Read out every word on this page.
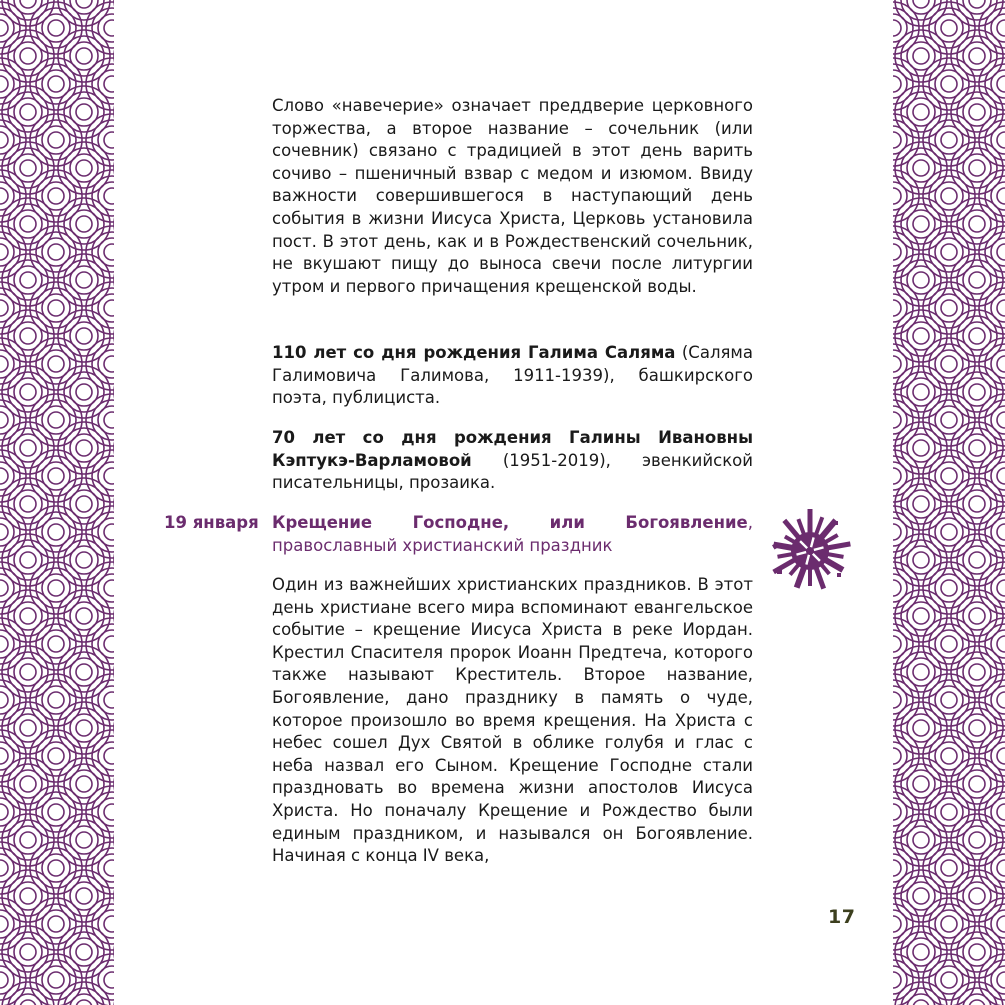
Слово «навечерие» означает преддверие церковного торжества, а второе название – сочельник (или сочевник) связано с традицией в этот день варить сочиво – пшеничный взвар с медом и изюмом. Ввиду важности совершившегося в наступающий день события в жизни Иисуса Христа, Церковь установила пост. В этот день, как и в Рождественский сочельник, не вкушают пищу до выноса свечи после литургии утром и первого причащения крещенской воды.

110 лет со дня рождения Галима Саляма (Саляма Галимовича Галимова, 1911-1939), башкирского поэта, публициста.

70 лет со дня рождения Галины Ивановны Кэптукэ-Варламовой (1951-2019), эвенкийской писательницы, прозаика.

19 января Крещение Господне, или Богоявление, православный христианский праздник

Один из важнейших христианских праздников. В этот день христиане всего мира вспоминают евангельское событие – крещение Иисуса Христа в реке Иордан. Крестил Спасителя пророк Иоанн Предтеча, которого также называют Креститель. Второе название, Богоявление, дано празднику в память о чуде, которое произошло во время крещения. На Христа с небес сошел Дух Святой в облике голубя и глас с неба назвал его Сыном. Крещение Господне стали праздновать во времена жизни апостолов Иисуса Христа. Но поначалу Крещение и Рождество были единым праздником, и назывался он Богоявление. Начиная с конца IV века,

17
